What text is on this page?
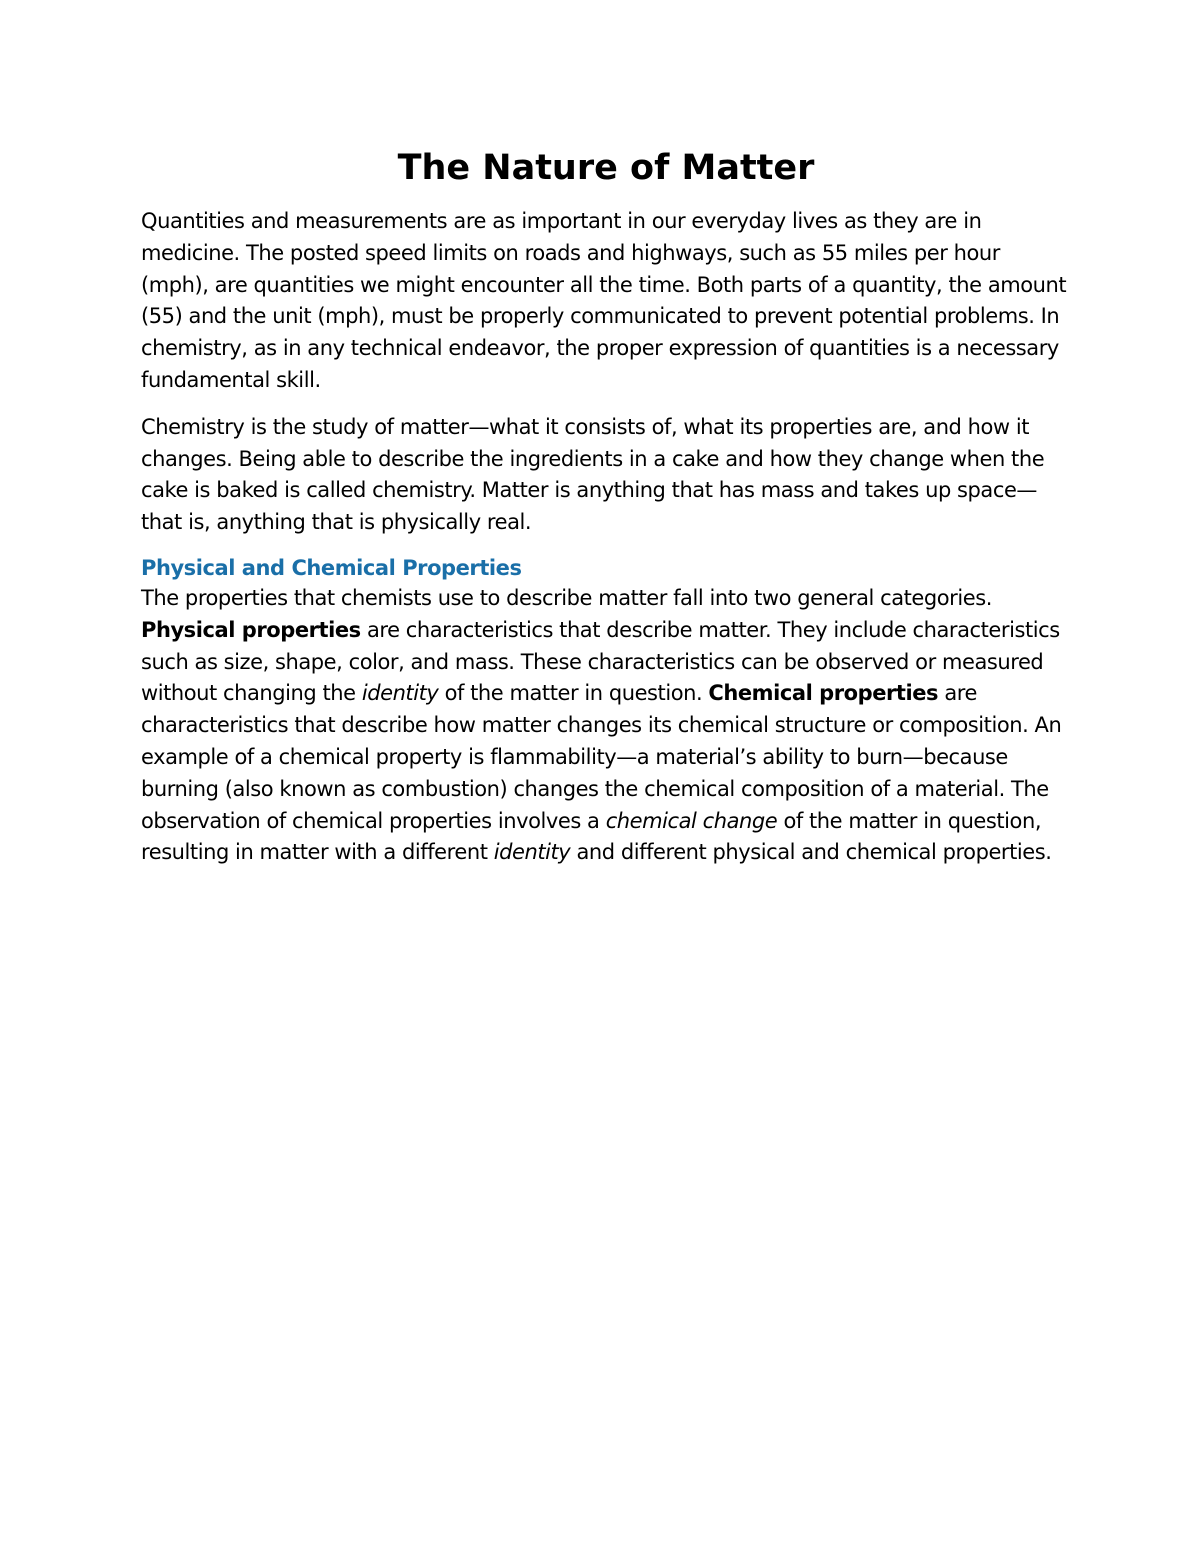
The Nature of Matter

Quantities and measurements are as important in our everyday lives as they are in medicine. The posted speed limits on roads and highways, such as 55 miles per hour (mph), are quantities we might encounter all the time. Both parts of a quantity, the amount (55) and the unit (mph), must be properly communicated to prevent potential problems. In chemistry, as in any technical endeavor, the proper expression of quantities is a necessary fundamental skill.

Chemistry is the study of matter—what it consists of, what its properties are, and how it changes. Being able to describe the ingredients in a cake and how they change when the cake is baked is called chemistry. Matter is anything that has mass and takes up space—that is, anything that is physically real.

Physical and Chemical Properties

The properties that chemists use to describe matter fall into two general categories. Physical properties are characteristics that describe matter. They include characteristics such as size, shape, color, and mass. These characteristics can be observed or measured without changing the identity of the matter in question. Chemical properties are characteristics that describe how matter changes its chemical structure or composition. An example of a chemical property is flammability—a material’s ability to burn—because burning (also known as combustion) changes the chemical composition of a material. The observation of chemical properties involves a chemical change of the matter in question, resulting in matter with a different identity and different physical and chemical properties.
